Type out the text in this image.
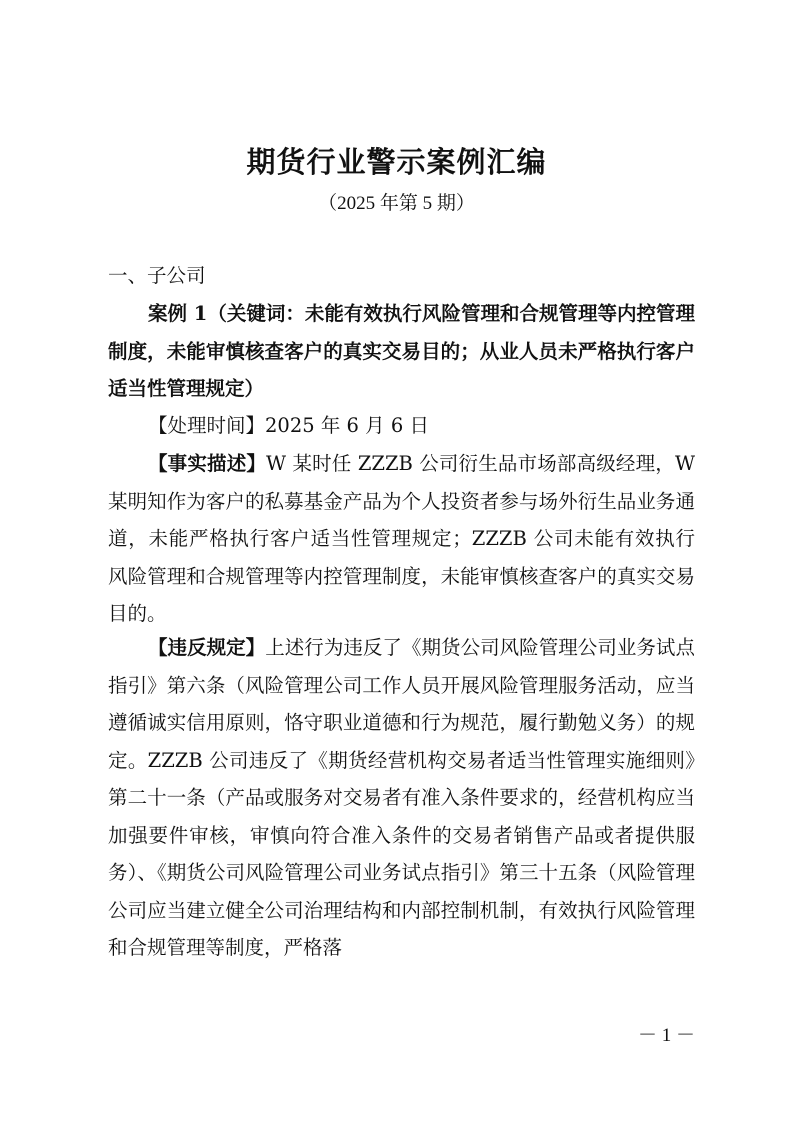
期货行业警示案例汇编
（2025 年第 5 期）

一、子公司

案例 1（关键词：未能有效执行风险管理和合规管理等内控管理制度，未能审慎核查客户的真实交易目的；从业人员未严格执行客户适当性管理规定）

【处理时间】2025 年 6 月 6 日

【事实描述】W 某时任 ZZZB 公司衍生品市场部高级经理，W 某明知作为客户的私募基金产品为个人投资者参与场外衍生品业务通道，未能严格执行客户适当性管理规定；ZZZB 公司未能有效执行风险管理和合规管理等内控管理制度，未能审慎核查客户的真实交易目的。

【违反规定】上述行为违反了《期货公司风险管理公司业务试点指引》第六条（风险管理公司工作人员开展风险管理服务活动，应当遵循诚实信用原则，恪守职业道德和行为规范，履行勤勉义务）的规定。ZZZB 公司违反了《期货经营机构交易者适当性管理实施细则》第二十一条（产品或服务对交易者有准入条件要求的，经营机构应当加强要件审核，审慎向符合准入条件的交易者销售产品或者提供服务）、《期货公司风险管理公司业务试点指引》第三十五条（风险管理公司应当建立健全公司治理结构和内部控制机制，有效执行风险管理和合规管理等制度，严格落

－ 1 －
